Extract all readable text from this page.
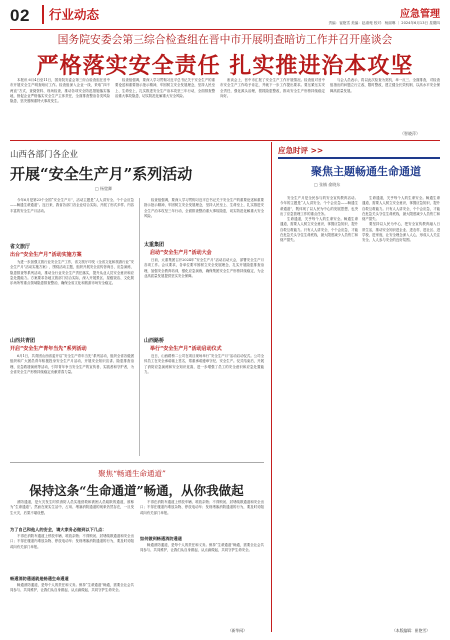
02	行业动态	应急管理
责编：崔艳雪 美编：赵淑菀 校对：杨丽琳 ｜ 2024年6月13日 星期四
国务院安委会第三综合检查组在晋中市开展明查暗访工作并召开座谈会
严格落实安全责任 扎实推进治本攻坚

本报讯 6月4日至11日，国务院安委会第三综合检查组在晋中市开展安全生产明查暗访工作。检查组深入企业一线，采取“四不两直”方式，查阅资料、现场检查，推动各项安全防范措施落实落地，督促企业严格落实安全生产主体责任，全面排查整治各类风险隐患，坚决遏制重特大事故发生。

检查组强调，要深入学习贯彻习近平总书记关于安全生产的重要论述和重要指示批示精神，牢固树立安全发展理念，坚持人民至上、生命至上，扎实推进安全生产治本攻坚三年行动，全面排查整治重大事故隐患，切实防范化解重大安全风险。

座谈会上，晋中市汇报了安全生产工作开展情况。检查组对晋中市安全生产工作给予肯定，并就下一步工作提出要求。要压紧压实安全责任，强化源头治理，狠抓隐患整改，推动安全生产形势持续稳定向好。

与会人员表示，将以此次检查为契机，举一反三、全面排查，对检查组指出的问题立行立改、限时整改，建立健全长效机制，以高水平安全保障高质量发展。

（智晓萍）
山西各部门各企业
开展“安全生产月”系列活动
□ 杨璧卿

今年6月是第23个全国“安全生产月”，活动主题是“人人讲安全、个个会应急——畅通生命通道”。连日来，我省各部门各企业结合实际，开展了形式多样、内容丰富的安全生产月活动。

省文旅厅
出台“安全生产月”活动实施方案

为进一步加强文旅行业安全生产工作，省文旅厅印发《全省文化和旅游行业“安全生产月”活动实施方案》，围绕活动主题，组织开展安全宣传咨询日、应急演练、隐患排查等系列活动，推动全行业安全生产责任落实，提升从业人员安全意识和应急处置能力。方案要求各地文旅部门结合实际，深入开展景区、星级饭店、文化娱乐场所等重点领域隐患排查整治，确保全省文化和旅游市场安全稳定。

山西共青团
开启“安全生产青年当先”系列活动

6月1日，共青团山西省委开启“安全生产青年当先”系列活动，组织全省各级团组织和广大团员青年积极投身安全生产月活动，开展安全知识宣讲、隐患排查治理、应急救援演练等活动，引导青年争当安全生产的宣传者、实践者和守护者，为全省安全生产形势持续稳定贡献青春力量。

检查组强调，要深入学习贯彻习近平总书记关于安全生产的重要论述和重要指示批示精神，牢固树立安全发展理念，坚持人民至上、生命至上，扎实推进安全生产治本攻坚三年行动，全面排查整治重大事故隐患，切实防范化解重大安全风险。

太重集团
启动“安全生产月”活动大会

日前，太重集团召开2024年“安全生产月”活动启动大会，部署安全生产月各项工作。会议要求，各单位要牢固树立安全发展理念，扎实开展隐患排查治理，加强安全教育培训，强化应急演练，确保集团安全生产形势持续稳定，为企业高质量发展提供坚实安全保障。

山西路桥
举行“安全生产月”活动启动仪式

近日，山西路桥二公司在项目现场举行“安全生产月”活动启动仪式。公司全体员工在安全承诺墙上签名，郑重承诺遵章守纪、安全生产。仪式结束后，开展了消防应急演练和安全知识竞赛，进一步增强了员工的安全意识和应急处置能力。

聚焦“畅通生命通道”
保持这条“生命通道”畅通，从你我做起

消防通道，是火灾发生时供消防人员实施营救和被困人员疏散的通道，被称为“生命通道”。然而在现实生活中，占用、堵塞消防通道的现象仍然存在，一旦发生火灾，后果不堪设想。

为了自己和他人的安全，请大家务必做到以下几点：

不得在消防车通道上停放车辆、堆放杂物；不得锁闭、封堵疏散通道和安全出口；不得在楼道内堆放杂物、停放电动车；发现堵塞消防通道的行为，要及时劝阻或向有关部门举报。

畅通消防通道就是畅通生命通道

畅通消防通道，是每个人的责任和义务。保持“生命通道”畅通，需要全社会共同参与、共同维护，让我们从自身做起，从点滴做起，共同守护生命安全。

不得在消防车通道上停放车辆、堆放杂物；不得锁闭、封堵疏散通道和安全出口；不得在楼道内堆放杂物、停放电动车；发现堵塞消防通道的行为，要及时劝阻或向有关部门举报。

如何做到畅通消防通道

畅通消防通道，是每个人的责任和义务。保持“生命通道”畅通，需要全社会共同参与、共同维护，让我们从自身做起，从点滴做起，共同守护生命安全。

（新华网）
应急时评 >>
聚焦主题畅通生命通道
□ 张楠 俞晓东

安全生产月是全民参与的安全宣传教育活动。今年的主题是“人人讲安全、个个会应急——畅通生命通道”，既体现了以人民为中心的发展思想，也突出了应急管理工作的重点任务。

生命通道，关乎每个人的生命安全。畅通生命通道，需要人人树立安全意识，掌握应急知识，提升自救互救能力。只有人人讲安全、个个会应急，才能在危急关头守住生命底线，最大限度减少人员伤亡和财产损失。

生命通道，关乎每个人的生命安全。畅通生命通道，需要人人树立安全意识，掌握应急知识，提升自救互救能力。只有人人讲安全、个个会应急，才能在危急关头守住生命底线，最大限度减少人员伤亡和财产损失。

要坚持以人民为中心，把安全宣传教育融入日常生活，推动安全知识进企业、进农村、进社区、进学校、进家庭，让安全理念深入人心，形成人人关注安全、人人参与安全的良好氛围。

（本版编辑：崔艳雪）
